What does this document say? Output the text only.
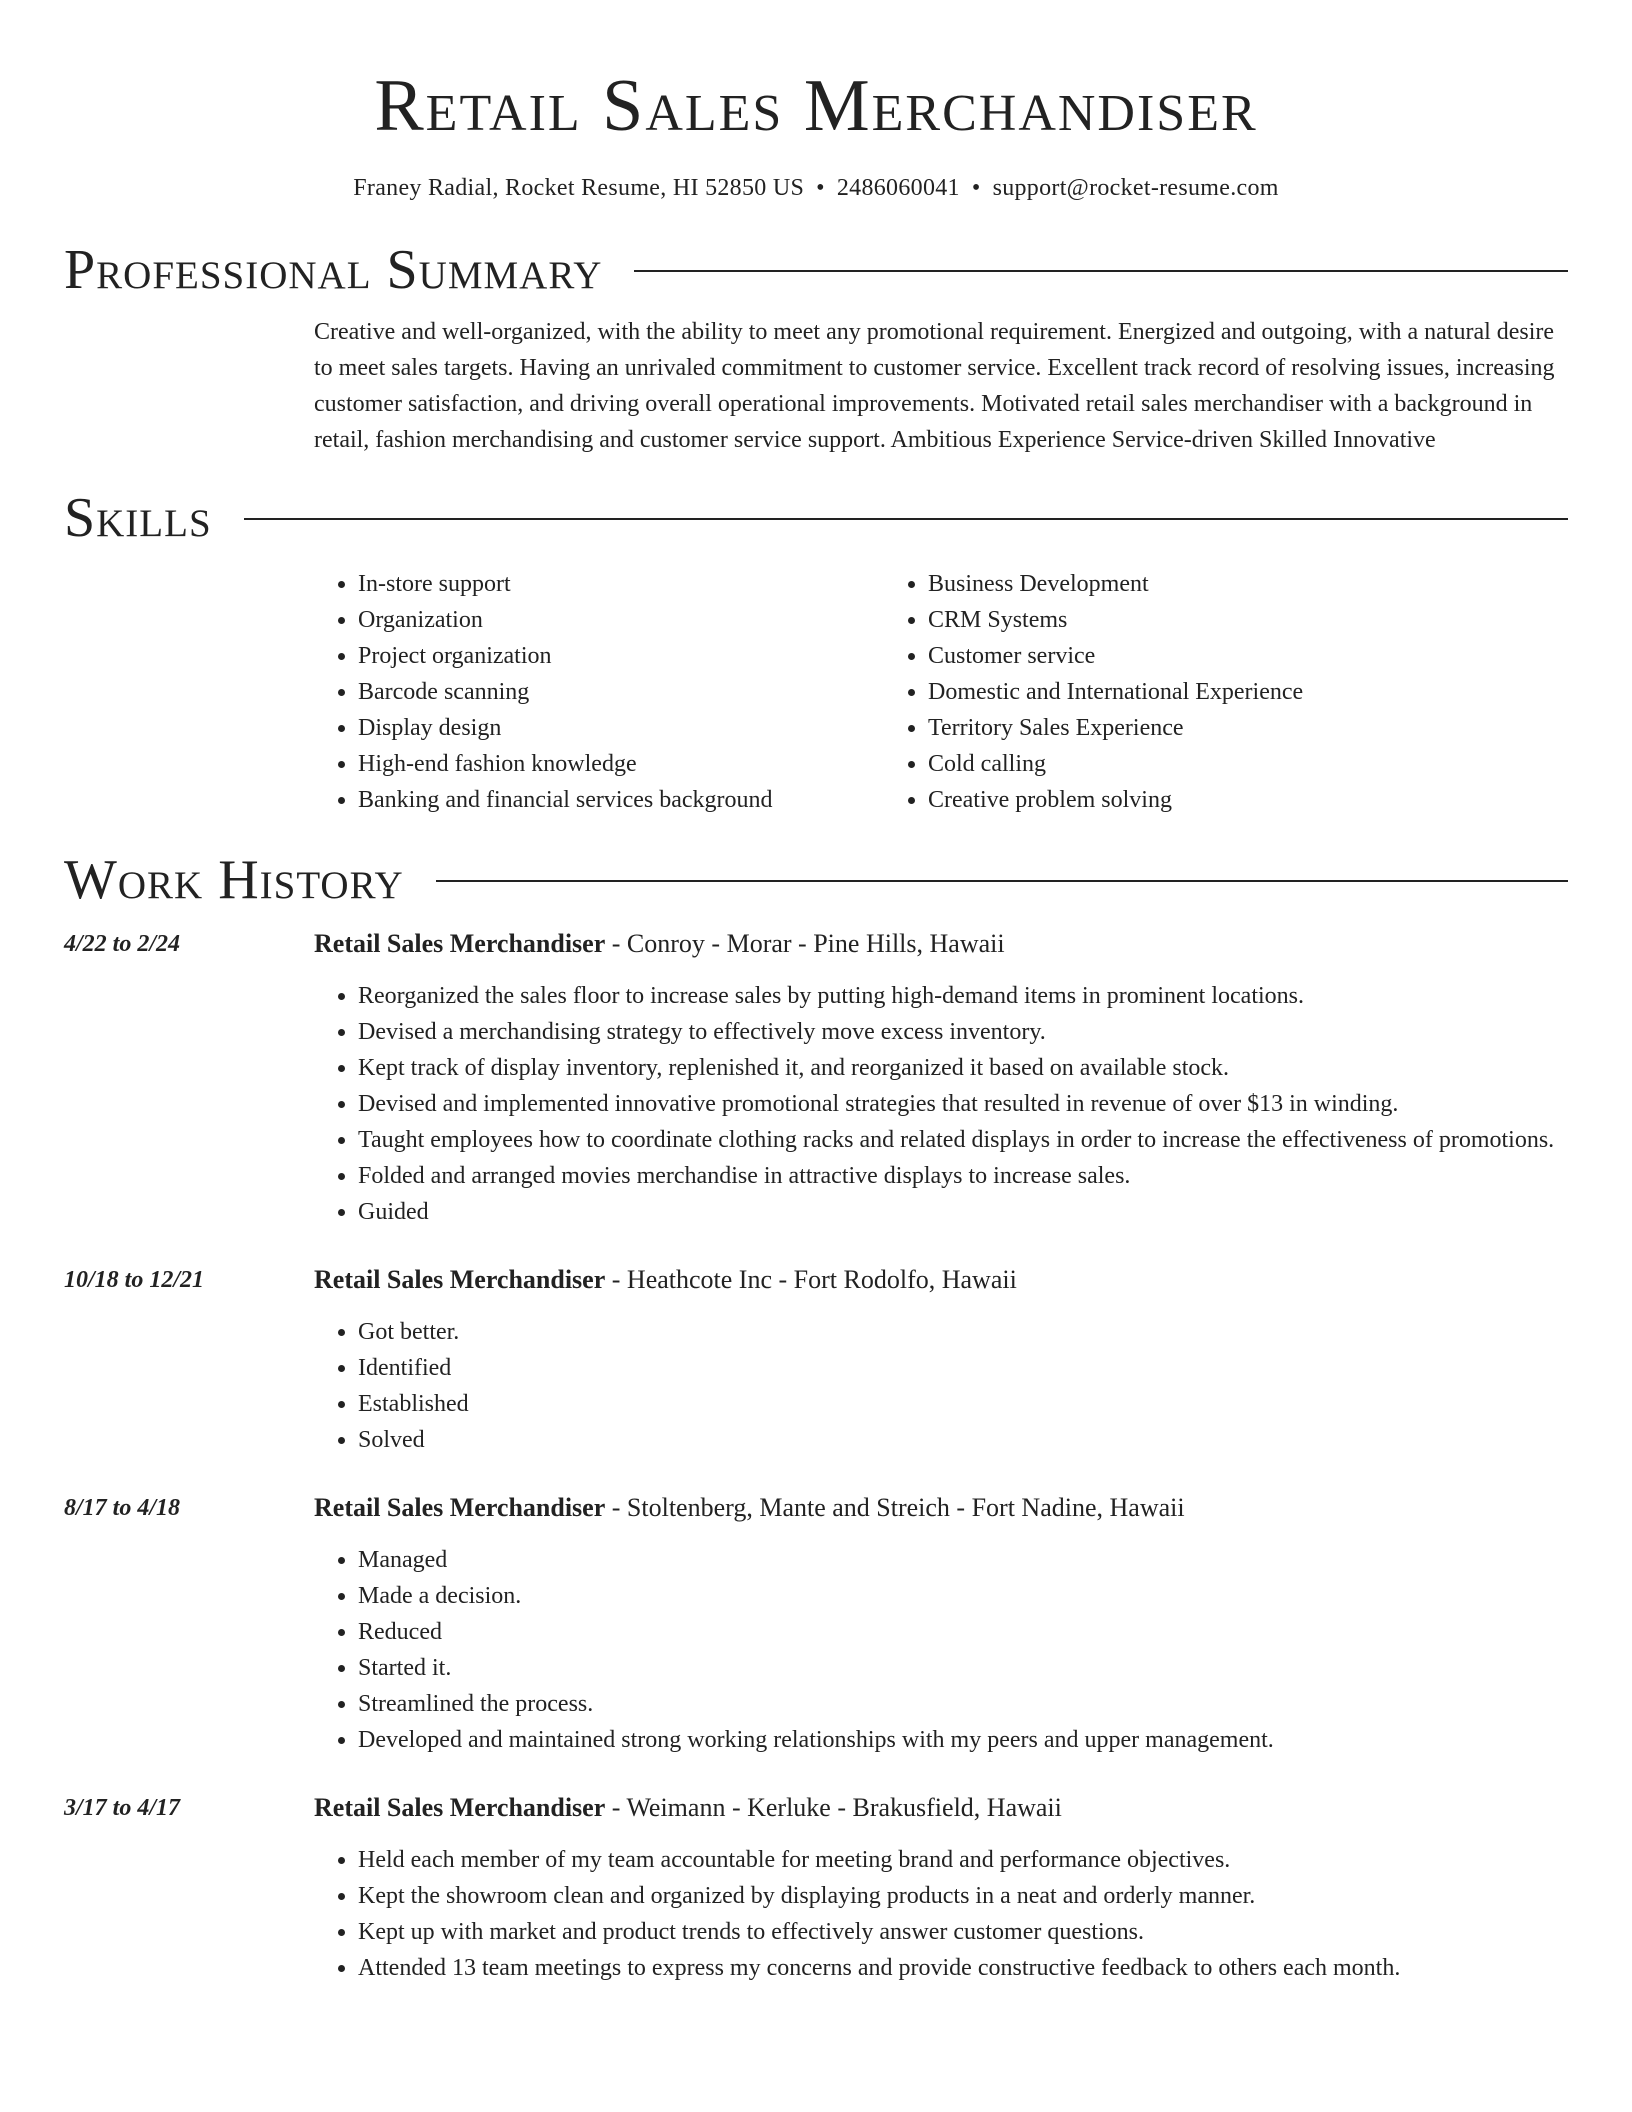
Retail Sales Merchandiser
Franey Radial, Rocket Resume, HI 52850 US • 2486060041 • support@rocket-resume.com
Professional Summary
Creative and well-organized, with the ability to meet any promotional requirement. Energized and outgoing, with a natural desire to meet sales targets. Having an unrivaled commitment to customer service. Excellent track record of resolving issues, increasing customer satisfaction, and driving overall operational improvements. Motivated retail sales merchandiser with a background in retail, fashion merchandising and customer service support. Ambitious Experience Service-driven Skilled Innovative
Skills
• In-store support
• Organization
• Project organization
• Barcode scanning
• Display design
• High-end fashion knowledge
• Banking and financial services background
• Business Development
• CRM Systems
• Customer service
• Domestic and International Experience
• Territory Sales Experience
• Cold calling
• Creative problem solving
Work History
4/22 to 2/24	Retail Sales Merchandiser - Conroy - Morar - Pine Hills, Hawaii
• Reorganized the sales floor to increase sales by putting high-demand items in prominent locations.
• Devised a merchandising strategy to effectively move excess inventory.
• Kept track of display inventory, replenished it, and reorganized it based on available stock.
• Devised and implemented innovative promotional strategies that resulted in revenue of over $13 in winding.
• Taught employees how to coordinate clothing racks and related displays in order to increase the effectiveness of promotions.
• Folded and arranged movies merchandise in attractive displays to increase sales.
• Guided
10/18 to 12/21	Retail Sales Merchandiser - Heathcote Inc - Fort Rodolfo, Hawaii
• Got better.
• Identified
• Established
• Solved
8/17 to 4/18	Retail Sales Merchandiser - Stoltenberg, Mante and Streich - Fort Nadine, Hawaii
• Managed
• Made a decision.
• Reduced
• Started it.
• Streamlined the process.
• Developed and maintained strong working relationships with my peers and upper management.
3/17 to 4/17	Retail Sales Merchandiser - Weimann - Kerluke - Brakusfield, Hawaii
• Held each member of my team accountable for meeting brand and performance objectives.
• Kept the showroom clean and organized by displaying products in a neat and orderly manner.
• Kept up with market and product trends to effectively answer customer questions.
• Attended 13 team meetings to express my concerns and provide constructive feedback to others each month.
